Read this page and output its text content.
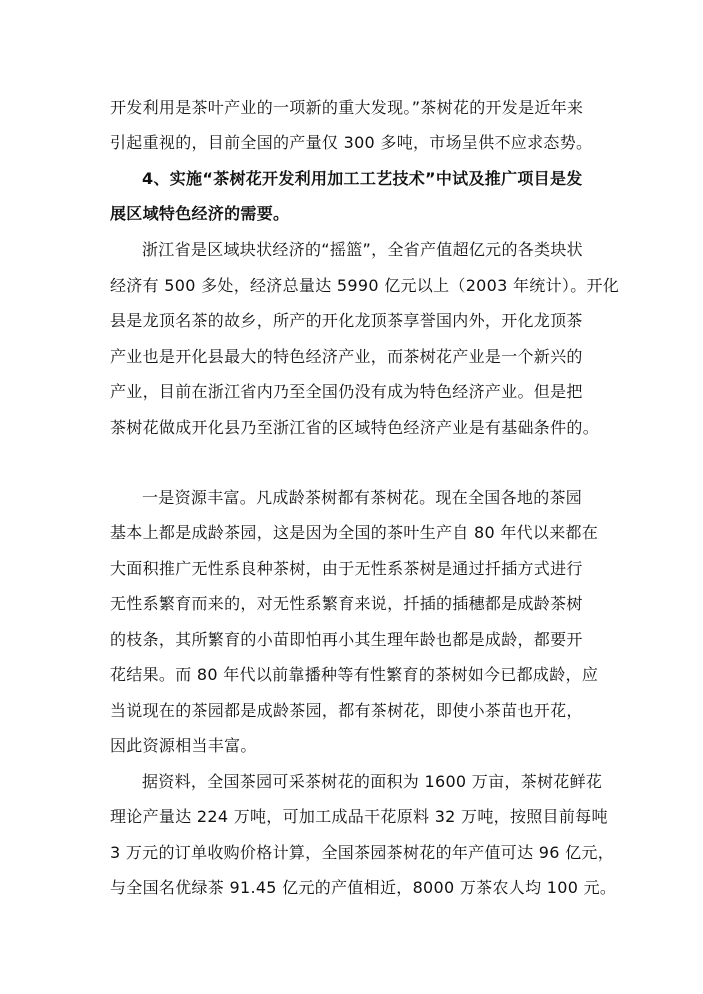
开发利用是茶叶产业的一项新的重大发现。”茶树花的开发是近年来
引起重视的，目前全国的产量仅 300 多吨，市场呈供不应求态势。
4、实施“茶树花开发利用加工工艺技术”中试及推广项目是发
展区域特色经济的需要。
浙江省是区域块状经济的“摇篮”，全省产值超亿元的各类块状
经济有 500 多处，经济总量达 5990 亿元以上（2003 年统计）。开化
县是龙顶名茶的故乡，所产的开化龙顶茶享誉国内外，开化龙顶茶
产业也是开化县最大的特色经济产业，而茶树花产业是一个新兴的
产业，目前在浙江省内乃至全国仍没有成为特色经济产业。但是把
茶树花做成开化县乃至浙江省的区域特色经济产业是有基础条件的。
一是资源丰富。凡成龄茶树都有茶树花。现在全国各地的茶园
基本上都是成龄茶园，这是因为全国的茶叶生产自 80 年代以来都在
大面积推广无性系良种茶树，由于无性系茶树是通过扦插方式进行
无性系繁育而来的，对无性系繁育来说，扦插的插穗都是成龄茶树
的枝条，其所繁育的小苗即怕再小其生理年龄也都是成龄，都要开
花结果。而 80 年代以前靠播种等有性繁育的茶树如今已都成龄，应
当说现在的茶园都是成龄茶园，都有茶树花，即使小茶苗也开花，
因此资源相当丰富。
据资料，全国茶园可采茶树花的面积为 1600 万亩，茶树花鲜花
理论产量达 224 万吨，可加工成品干花原料 32 万吨，按照目前每吨
3 万元的订单收购价格计算，全国茶园茶树花的年产值可达 96 亿元，
与全国名优绿茶 91.45 亿元的产值相近，8000 万茶农人均 100 元。
